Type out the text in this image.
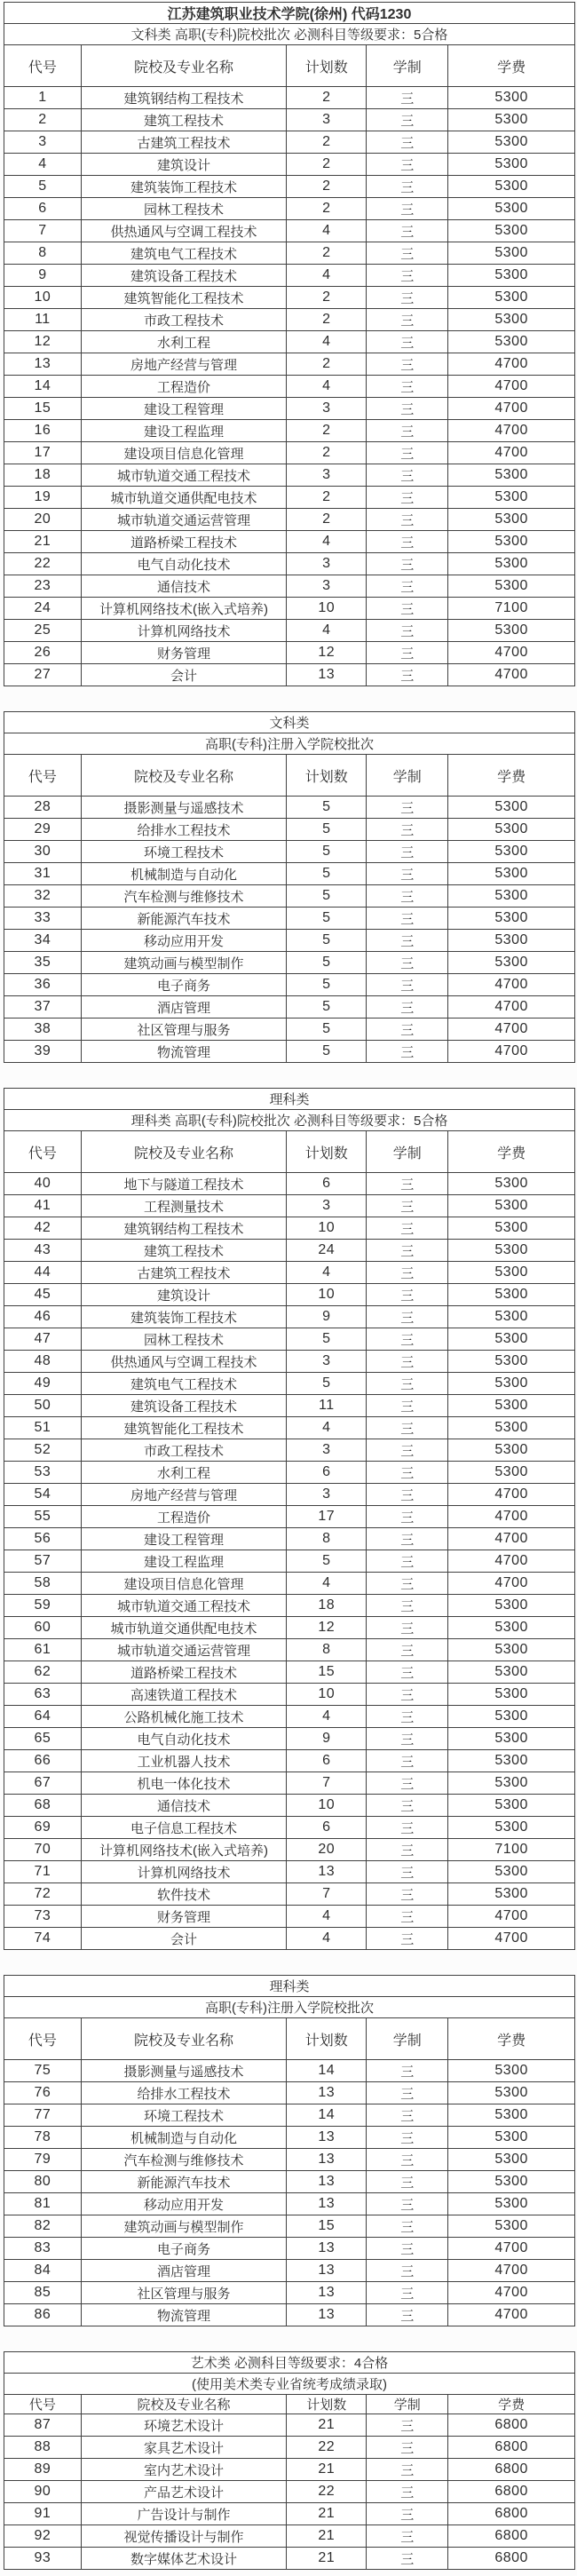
江苏建筑职业技术学院(徐州) 代码1230				
文科类 高职(专科)院校批次 必测科目等级要求：5合格				
代号	院校及专业名称	计划数	学制	学费
1	建筑钢结构工程技术	2	三	5300
2	建筑工程技术	3	三	5300
3	古建筑工程技术	2	三	5300
4	建筑设计	2	三	5300
5	建筑装饰工程技术	2	三	5300
6	园林工程技术	2	三	5300
7	供热通风与空调工程技术	4	三	5300
8	建筑电气工程技术	2	三	5300
9	建筑设备工程技术	4	三	5300
10	建筑智能化工程技术	2	三	5300
11	市政工程技术	2	三	5300
12	水利工程	4	三	5300
13	房地产经营与管理	2	三	4700
14	工程造价	4	三	4700
15	建设工程管理	3	三	4700
16	建设工程监理	2	三	4700
17	建设项目信息化管理	2	三	4700
18	城市轨道交通工程技术	3	三	5300
19	城市轨道交通供配电技术	2	三	5300
20	城市轨道交通运营管理	2	三	5300
21	道路桥梁工程技术	4	三	5300
22	电气自动化技术	3	三	5300
23	通信技术	3	三	5300
24	计算机网络技术(嵌入式培养)	10	三	7100
25	计算机网络技术	4	三	5300
26	财务管理	12	三	4700
27	会计	13	三	4700
文科类				
高职(专科)注册入学院校批次				
代号	院校及专业名称	计划数	学制	学费
28	摄影测量与遥感技术	5	三	5300
29	给排水工程技术	5	三	5300
30	环境工程技术	5	三	5300
31	机械制造与自动化	5	三	5300
32	汽车检测与维修技术	5	三	5300
33	新能源汽车技术	5	三	5300
34	移动应用开发	5	三	5300
35	建筑动画与模型制作	5	三	5300
36	电子商务	5	三	4700
37	酒店管理	5	三	4700
38	社区管理与服务	5	三	4700
39	物流管理	5	三	4700
理科类				
理科类 高职(专科)院校批次 必测科目等级要求：5合格				
代号	院校及专业名称	计划数	学制	学费
40	地下与隧道工程技术	6	三	5300
41	工程测量技术	3	三	5300
42	建筑钢结构工程技术	10	三	5300
43	建筑工程技术	24	三	5300
44	古建筑工程技术	4	三	5300
45	建筑设计	10	三	5300
46	建筑装饰工程技术	9	三	5300
47	园林工程技术	5	三	5300
48	供热通风与空调工程技术	3	三	5300
49	建筑电气工程技术	5	三	5300
50	建筑设备工程技术	11	三	5300
51	建筑智能化工程技术	4	三	5300
52	市政工程技术	3	三	5300
53	水利工程	6	三	5300
54	房地产经营与管理	3	三	4700
55	工程造价	17	三	4700
56	建设工程管理	8	三	4700
57	建设工程监理	5	三	4700
58	建设项目信息化管理	4	三	4700
59	城市轨道交通工程技术	18	三	5300
60	城市轨道交通供配电技术	12	三	5300
61	城市轨道交通运营管理	8	三	5300
62	道路桥梁工程技术	15	三	5300
63	高速铁道工程技术	10	三	5300
64	公路机械化施工技术	4	三	5300
65	电气自动化技术	9	三	5300
66	工业机器人技术	6	三	5300
67	机电一体化技术	7	三	5300
68	通信技术	10	三	5300
69	电子信息工程技术	6	三	5300
70	计算机网络技术(嵌入式培养)	20	三	7100
71	计算机网络技术	13	三	5300
72	软件技术	7	三	5300
73	财务管理	4	三	4700
74	会计	4	三	4700
理科类				
高职(专科)注册入学院校批次				
代号	院校及专业名称	计划数	学制	学费
75	摄影测量与遥感技术	14	三	5300
76	给排水工程技术	13	三	5300
77	环境工程技术	14	三	5300
78	机械制造与自动化	13	三	5300
79	汽车检测与维修技术	13	三	5300
80	新能源汽车技术	13	三	5300
81	移动应用开发	13	三	5300
82	建筑动画与模型制作	15	三	5300
83	电子商务	13	三	4700
84	酒店管理	13	三	4700
85	社区管理与服务	13	三	4700
86	物流管理	13	三	4700
艺术类 必测科目等级要求：4合格				
(使用美术类专业省统考成绩录取)				
代号	院校及专业名称	计划数	学制	学费
87	环境艺术设计	21	三	6800
88	家具艺术设计	22	三	6800
89	室内艺术设计	21	三	6800
90	产品艺术设计	22	三	6800
91	广告设计与制作	21	三	6800
92	视觉传播设计与制作	21	三	6800
93	数字媒体艺术设计	21	三	6800
